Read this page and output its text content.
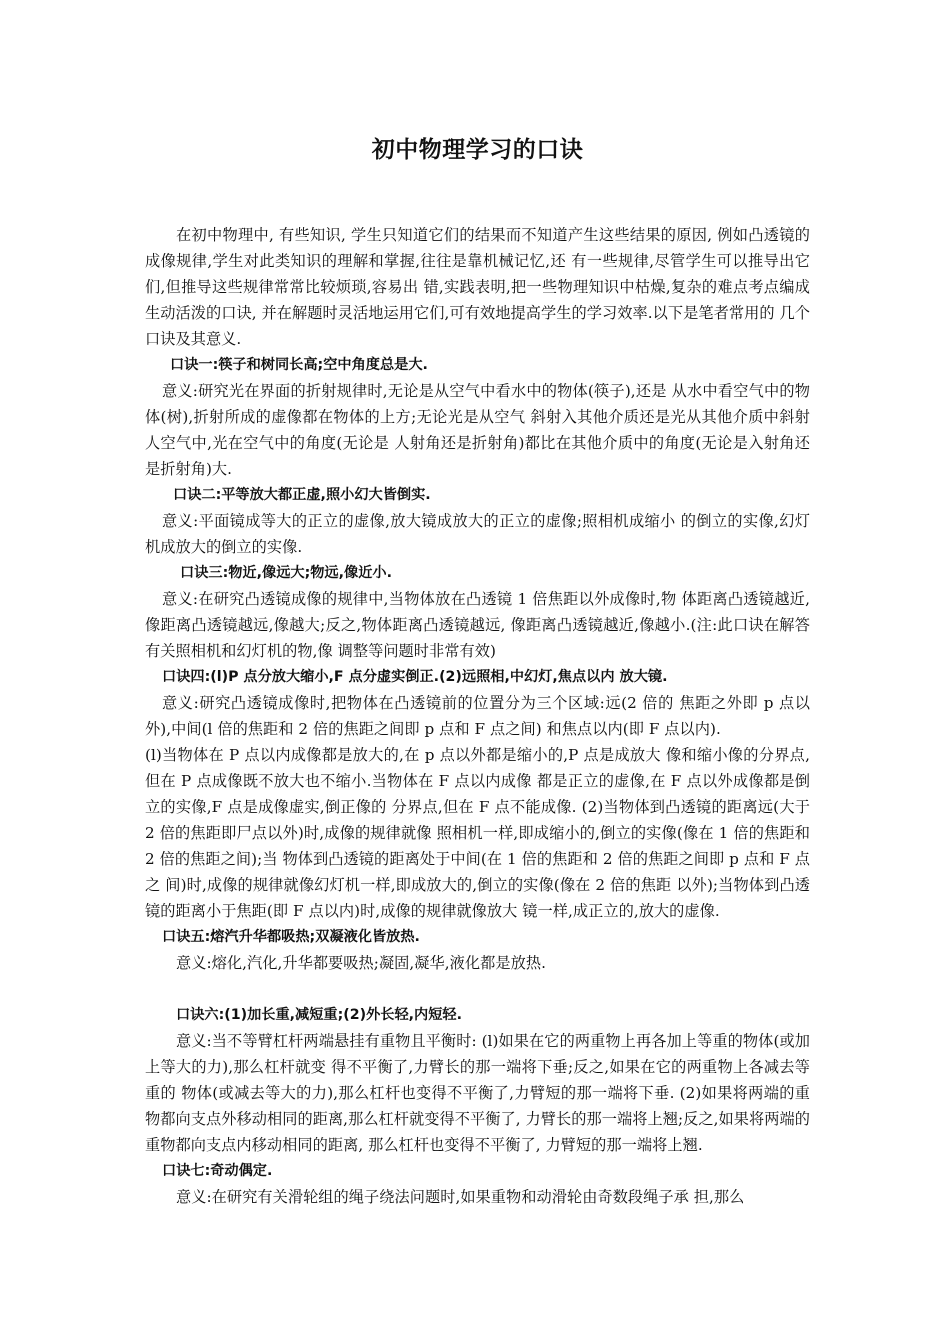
初中物理学习的口诀

在初中物理中, 有些知识, 学生只知道它们的结果而不知道产生这些结果的原因, 例如凸透镜的成像规律,学生对此类知识的理解和掌握,往往是靠机械记忆,还 有一些规律,尽管学生可以推导出它们,但推导这些规律常常比较烦琐,容易出 错,实践表明,把一些物理知识中枯燥,复杂的难点考点编成生动活泼的口诀, 并在解题时灵活地运用它们,可有效地提高学生的学习效率.以下是笔者常用的 几个口诀及其意义.

口诀一:筷子和树同长高;空中角度总是大.

意义:研究光在界面的折射规律时,无论是从空气中看水中的物体(筷子),还是 从水中看空气中的物体(树),折射所成的虚像都在物体的上方;无论光是从空气 斜射入其他介质还是光从其他介质中斜射人空气中,光在空气中的角度(无论是 人射角还是折射角)都比在其他介质中的角度(无论是入射角还是折射角)大.

口诀二:平等放大都正虚,照小幻大皆倒实.

意义:平面镜成等大的正立的虚像,放大镜成放大的正立的虚像;照相机成缩小 的倒立的实像,幻灯机成放大的倒立的实像.

口诀三:物近,像远大;物远,像近小.

意义:在研究凸透镜成像的规律中,当物体放在凸透镜 1 倍焦距以外成像时,物 体距离凸透镜越近,像距离凸透镜越远,像越大;反之,物体距离凸透镜越远, 像距离凸透镜越近,像越小.(注:此口诀在解答有关照相机和幻灯机的物,像 调整等问题时非常有效)

口诀四:(l)P 点分放大缩小,F 点分虚实倒正.(2)远照相,中幻灯,焦点以内 放大镜.

意义:研究凸透镜成像时,把物体在凸透镜前的位置分为三个区域:远(2 倍的 焦距之外即 p 点以外),中间(l 倍的焦距和 2 倍的焦距之间即 p 点和 F 点之间) 和焦点以内(即 F 点以内).

(l)当物体在 P 点以内成像都是放大的,在 p 点以外都是缩小的,P 点是成放大 像和缩小像的分界点,但在 P 点成像既不放大也不缩小.当物体在 F 点以内成像 都是正立的虚像,在 F 点以外成像都是倒立的实像,F 点是成像虚实,倒正像的 分界点,但在 F 点不能成像. (2)当物体到凸透镜的距离远(大于 2 倍的焦距即尸点以外)时,成像的规律就像 照相机一样,即成缩小的,倒立的实像(像在 1 倍的焦距和 2 倍的焦距之间);当 物体到凸透镜的距离处于中间(在 1 倍的焦距和 2 倍的焦距之间即 p 点和 F 点之 间)时,成像的规律就像幻灯机一样,即成放大的,倒立的实像(像在 2 倍的焦距 以外);当物体到凸透镜的距离小于焦距(即 F 点以内)时,成像的规律就像放大 镜一样,成正立的,放大的虚像.

口诀五:熔汽升华都吸热;双凝液化皆放热.

意义:熔化,汽化,升华都要吸热;凝固,凝华,液化都是放热.

口诀六:(1)加长重,减短重;(2)外长轻,内短轻.

意义:当不等臂杠杆两端悬挂有重物且平衡时: (l)如果在它的两重物上再各加上等重的物体(或加上等大的力),那么杠杆就变 得不平衡了,力臂长的那一端将下垂;反之,如果在它的两重物上各减去等重的 物体(或减去等大的力),那么杠杆也变得不平衡了,力臂短的那一端将下垂. (2)如果将两端的重物都向支点外移动相同的距离,那么杠杆就变得不平衡了, 力臂长的那一端将上翘;反之,如果将两端的重物都向支点内移动相同的距离, 那么杠杆也变得不平衡了, 力臂短的那一端将上翘.

口诀七:奇动偶定.

意义:在研究有关滑轮组的绳子绕法问题时,如果重物和动滑轮由奇数段绳子承 担,那么
